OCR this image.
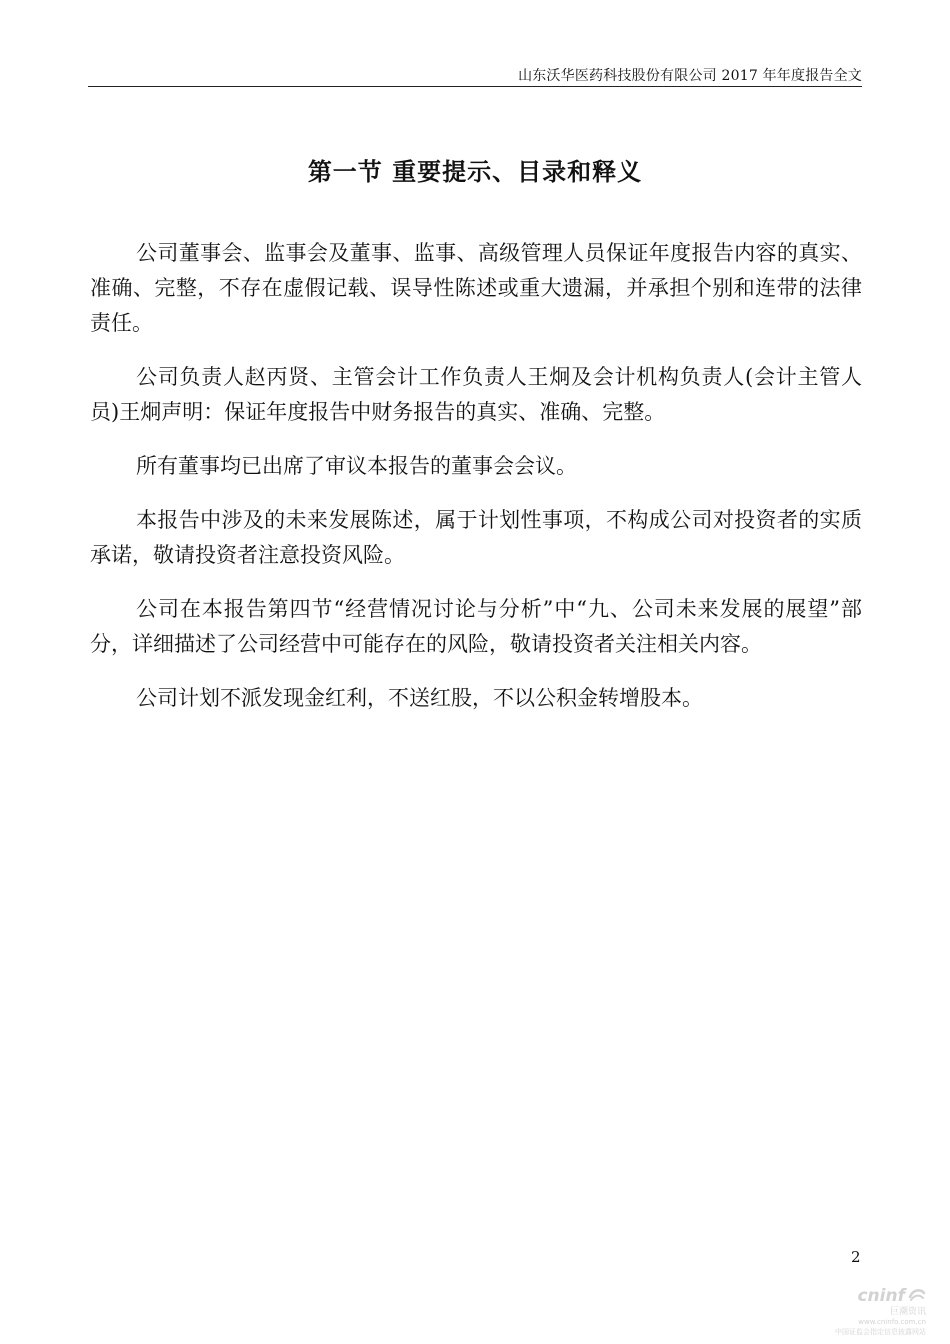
山东沃华医药科技股份有限公司 2017 年年度报告全文
第一节 重要提示、目录和释义

公司董事会、监事会及董事、监事、高级管理人员保证年度报告内容的真实、准确、完整，不存在虚假记载、误导性陈述或重大遗漏，并承担个别和连带的法律责任。

公司负责人赵丙贤、主管会计工作负责人王炯及会计机构负责人(会计主管人员)王炯声明：保证年度报告中财务报告的真实、准确、完整。

所有董事均已出席了审议本报告的董事会会议。

本报告中涉及的未来发展陈述，属于计划性事项，不构成公司对投资者的实质承诺，敬请投资者注意投资风险。

公司在本报告第四节“经营情况讨论与分析”中“九、公司未来发展的展望”部分，详细描述了公司经营中可能存在的风险，敬请投资者关注相关内容。

公司计划不派发现金红利，不送红股，不以公积金转增股本。

2
cninf
巨潮资讯
www.cninfo.com.cn
中国证监会指定信息披露网站
